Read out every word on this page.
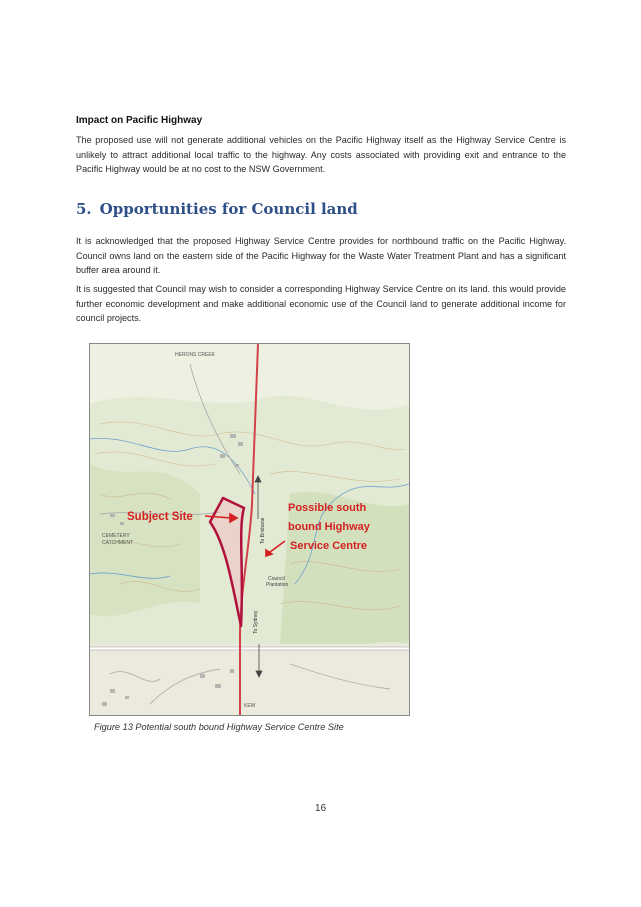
Impact on Pacific Highway
The proposed use will not generate additional vehicles on the Pacific Highway itself as the Highway Service Centre is unlikely to attract additional local traffic to the highway. Any costs associated with providing exit and entrance to the Pacific Highway would be at no cost to the NSW Government.
5. Opportunities for Council land
It is acknowledged that the proposed Highway Service Centre provides for northbound traffic on the Pacific Highway. Council owns land on the eastern side of the Pacific Highway for the Waste Water Treatment Plant and has a significant buffer area around it.
It is suggested that Council may wish to consider a corresponding Highway Service Centre on its land. this would provide further economic development and make additional economic use of the Council land to generate additional income for council projects.
HERONS CREEK
CEMETERY
CATCHMENT
Council
Plantation
KEW
To Brisbane
To Sydney
Subject Site
Possible south
bound Highway
Service Centre
Figure 13 Potential south bound Highway Service Centre Site
16
